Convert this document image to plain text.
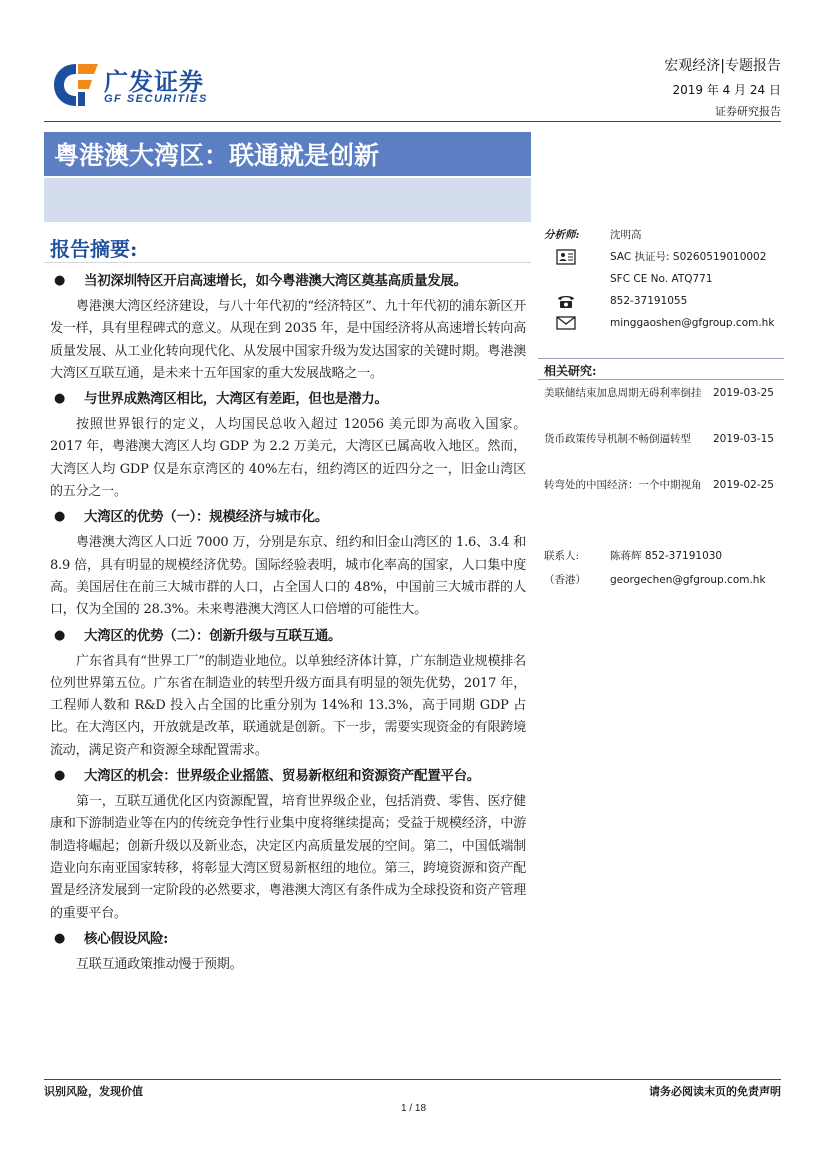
广发证券
GF SECURITIES
宏观经济|专题报告
2019 年 4 月 24 日
证券研究报告
粤港澳大湾区：联通就是创新
报告摘要:
● 当初深圳特区开启高速增长，如今粤港澳大湾区奠基高质量发展。
粤港澳大湾区经济建设，与八十年代初的“经济特区”、九十年代初的浦东新区开发一样，具有里程碑式的意义。从现在到 2035 年，是中国经济将从高速增长转向高质量发展、从工业化转向现代化、从发展中国家升级为发达国家的关键时期。粤港澳大湾区互联互通，是未来十五年国家的重大发展战略之一。
● 与世界成熟湾区相比，大湾区有差距，但也是潜力。
按照世界银行的定义，人均国民总收入超过 12056 美元即为高收入国家。2017 年，粤港澳大湾区人均 GDP 为 2.2 万美元，大湾区已属高收入地区。然而，大湾区人均 GDP 仅是东京湾区的 40%左右，纽约湾区的近四分之一，旧金山湾区的五分之一。
● 大湾区的优势（一）：规模经济与城市化。
粤港澳大湾区人口近 7000 万，分别是东京、纽约和旧金山湾区的 1.6、3.4 和 8.9 倍，具有明显的规模经济优势。国际经验表明，城市化率高的国家，人口集中度高。美国居住在前三大城市群的人口，占全国人口的 48%，中国前三大城市群的人口，仅为全国的 28.3%。未来粤港澳大湾区人口倍增的可能性大。
● 大湾区的优势（二）：创新升级与互联互通。
广东省具有“世界工厂”的制造业地位。以单独经济体计算，广东制造业规模排名位列世界第五位。广东省在制造业的转型升级方面具有明显的领先优势，2017 年，工程师人数和 R&D 投入占全国的比重分别为 14%和 13.3%，高于同期 GDP 占比。在大湾区内，开放就是改革，联通就是创新。下一步，需要实现资金的有限跨境流动，满足资产和资源全球配置需求。
● 大湾区的机会：世界级企业摇篮、贸易新枢纽和资源资产配置平台。
第一，互联互通优化区内资源配置，培育世界级企业，包括消费、零售、医疗健康和下游制造业等在内的传统竞争性行业集中度将继续提高；受益于规模经济，中游制造将崛起；创新升级以及新业态，决定区内高质量发展的空间。第二，中国低端制造业向东南亚国家转移，将彰显大湾区贸易新枢纽的地位。第三，跨境资源和资产配置是经济发展到一定阶段的必然要求，粤港澳大湾区有条件成为全球投资和资产管理的重要平台。
● 核心假设风险:
互联互通政策推动慢于预期。
分析师:	沈明高
SAC 执证号: S0260519010002
SFC CE No. ATQ771
852-37191055
minggaoshen@gfgroup.com.hk
相关研究:
美联储结束加息周期无碍利率倒挂 2019-03-25
货币政策传导机制不畅倒逼转型	2019-03-15
转弯处的中国经济：一个中期视角 2019-02-25
联系人:	陈蒋辉 852-37191030
（香港） georgechen@gfgroup.com.hk
识别风险，发现价值	请务必阅读末页的免责声明
1 / 18
